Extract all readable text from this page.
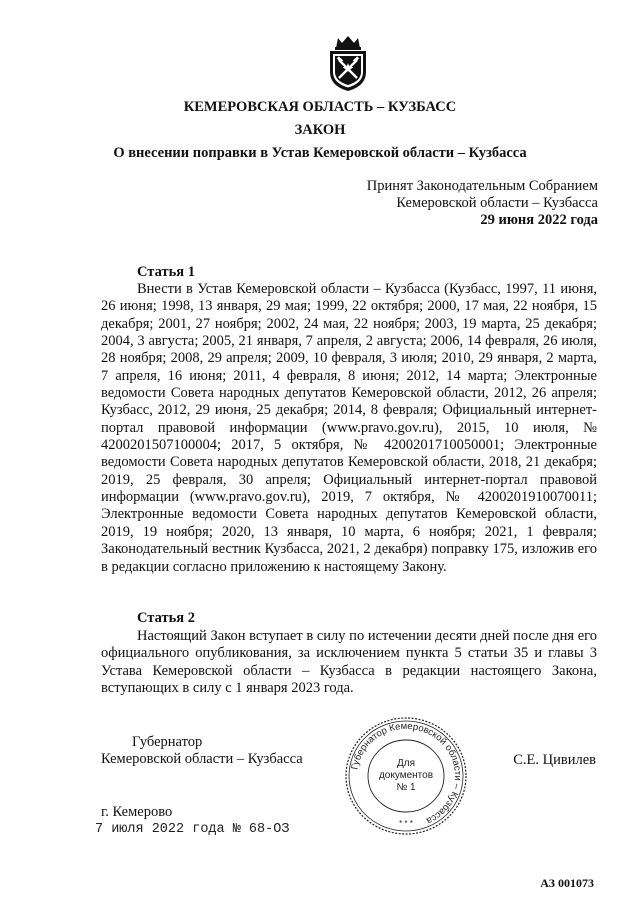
КЕМЕРОВСКАЯ ОБЛАСТЬ – КУЗБАСС
ЗАКОН
О внесении поправки в Устав Кемеровской области – Кузбасса
Принят Законодательным Собранием
Кемеровской области – Кузбасса
29 июня 2022 года
Статья 1
Внести в Устав Кемеровской области – Кузбасса (Кузбасс, 1997, 11 июня, 26 июня; 1998, 13 января, 29 мая; 1999, 22 октября; 2000, 17 мая, 22 ноября, 15 декабря; 2001, 27 ноября; 2002, 24 мая, 22 ноября; 2003, 19 марта, 25 декабря; 2004, 3 августа; 2005, 21 января, 7 апреля, 2 августа; 2006, 14 февраля, 26 июля, 28 ноября; 2008, 29 апреля; 2009, 10 февраля, 3 июля; 2010, 29 января, 2 марта, 7 апреля, 16 июня; 2011, 4 февраля, 8 июня; 2012, 14 марта; Электронные ведомости Совета народных депутатов Кемеровской области, 2012, 26 апреля; Кузбасс, 2012, 29 июня, 25 декабря; 2014, 8 февраля; Официальный интернет-портал правовой информации (www.pravo.gov.ru), 2015, 10 июля, № 4200201507100004; 2017, 5 октября, № 4200201710050001; Электронные ведомости Совета народных депутатов Кемеровской области, 2018, 21 декабря; 2019, 25 февраля, 30 апреля; Официальный интернет-портал правовой информации (www.pravo.gov.ru), 2019, 7 октября, № 4200201910070011; Электронные ведомости Совета народных депутатов Кемеровской области, 2019, 19 ноября; 2020, 13 января, 10 марта, 6 ноября; 2021, 1 февраля; Законодательный вестник Кузбасса, 2021, 2 декабря) поправку 175, изложив его в редакции согласно приложению к настоящему Закону.
Статья 2
Настоящий Закон вступает в силу по истечении десяти дней после дня его официального опубликования, за исключением пункта 5 статьи 35 и главы 3 Устава Кемеровской области – Кузбасса в редакции настоящего Закона, вступающих в силу с 1 января 2023 года.
Губернатор
Кемеровской области – Кузбасса
Губернатор Кемеровской области – Кузбасса
Для
документов
№ 1
* * *
С.Е. Цивилев
г. Кемерово
7 июля 2022 года № 68-ОЗ
АЗ 001073
